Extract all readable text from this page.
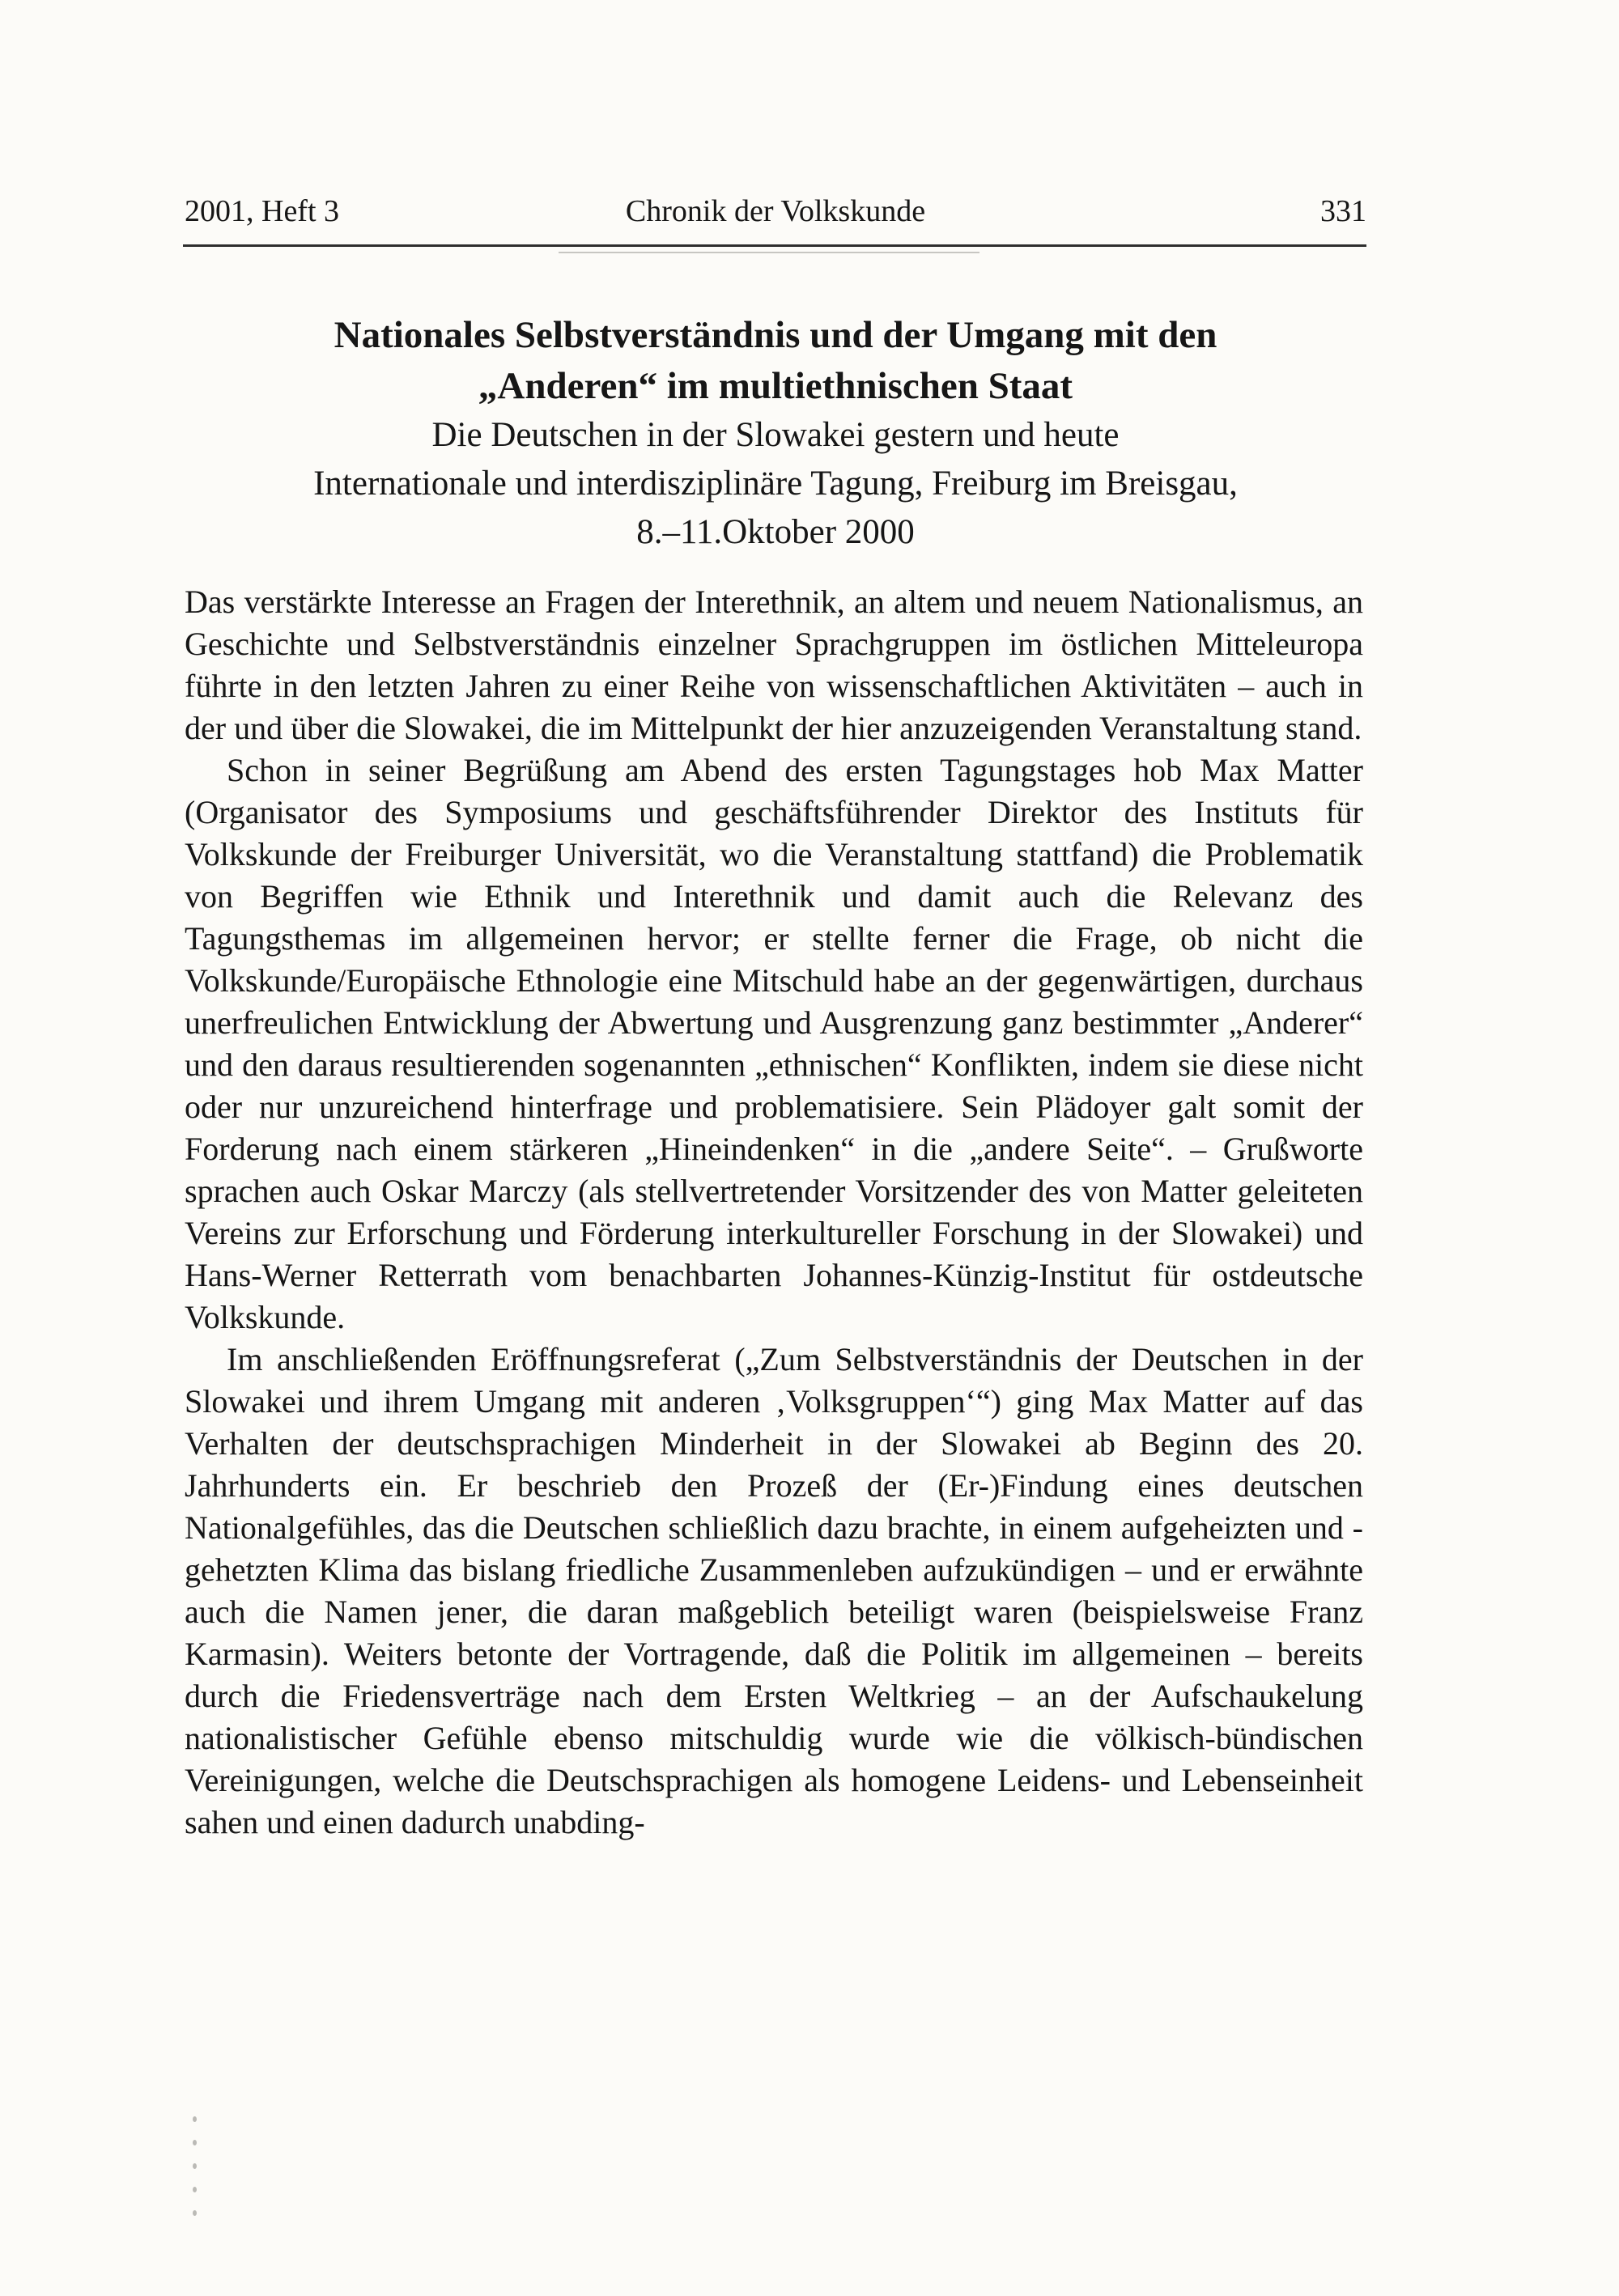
2001, Heft 3	Chronik der Volkskunde	331
Nationales Selbstverständnis und der Umgang mit den
„Anderen“ im multiethnischen Staat
Die Deutschen in der Slowakei gestern und heute
Internationale und interdisziplinäre Tagung, Freiburg im Breisgau,
8.–11.Oktober 2000

Das verstärkte Interesse an Fragen der Interethnik, an altem und neuem Nationalismus, an Geschichte und Selbstverständnis einzelner Sprachgruppen im östlichen Mitteleuropa führte in den letzten Jahren zu einer Reihe von wissenschaftlichen Aktivitäten – auch in der und über die Slowakei, die im Mittelpunkt der hier anzuzeigenden Veranstaltung stand.

Schon in seiner Begrüßung am Abend des ersten Tagungstages hob Max Matter (Organisator des Symposiums und geschäftsführender Direktor des Instituts für Volkskunde der Freiburger Universität, wo die Veranstaltung stattfand) die Problematik von Begriffen wie Ethnik und Interethnik und damit auch die Relevanz des Tagungsthemas im allgemeinen hervor; er stellte ferner die Frage, ob nicht die Volkskunde/Europäische Ethnologie eine Mitschuld habe an der gegenwärtigen, durchaus unerfreulichen Entwicklung der Abwertung und Ausgrenzung ganz bestimmter „Anderer“ und den daraus resultierenden sogenannten „ethnischen“ Konflikten, indem sie diese nicht oder nur unzureichend hinterfrage und problematisiere. Sein Plädoyer galt somit der Forderung nach einem stärkeren „Hineindenken“ in die „andere Seite“. – Grußworte sprachen auch Oskar Marczy (als stellvertretender Vorsitzender des von Matter geleiteten Vereins zur Erforschung und Förderung interkultureller Forschung in der Slowakei) und Hans-Werner Retterrath vom benachbarten Johannes-Künzig-Institut für ostdeutsche Volkskunde.

Im anschließenden Eröffnungsreferat („Zum Selbstverständnis der Deutschen in der Slowakei und ihrem Umgang mit anderen ‚Volksgruppen‘“) ging Max Matter auf das Verhalten der deutschsprachigen Minderheit in der Slowakei ab Beginn des 20. Jahrhunderts ein. Er beschrieb den Prozeß der (Er-)Findung eines deutschen Nationalgefühles, das die Deutschen schließlich dazu brachte, in einem aufgeheizten und -gehetzten Klima das bislang friedliche Zusammenleben aufzukündigen – und er erwähnte auch die Namen jener, die daran maßgeblich beteiligt waren (beispielsweise Franz Karmasin). Weiters betonte der Vortragende, daß die Politik im allgemeinen – bereits durch die Friedensverträge nach dem Ersten Weltkrieg – an der Aufschaukelung nationalistischer Gefühle ebenso mitschuldig wurde wie die völkisch-bündischen Vereinigungen, welche die Deutschsprachigen als homogene Leidens- und Lebenseinheit sahen und einen dadurch unabding-
